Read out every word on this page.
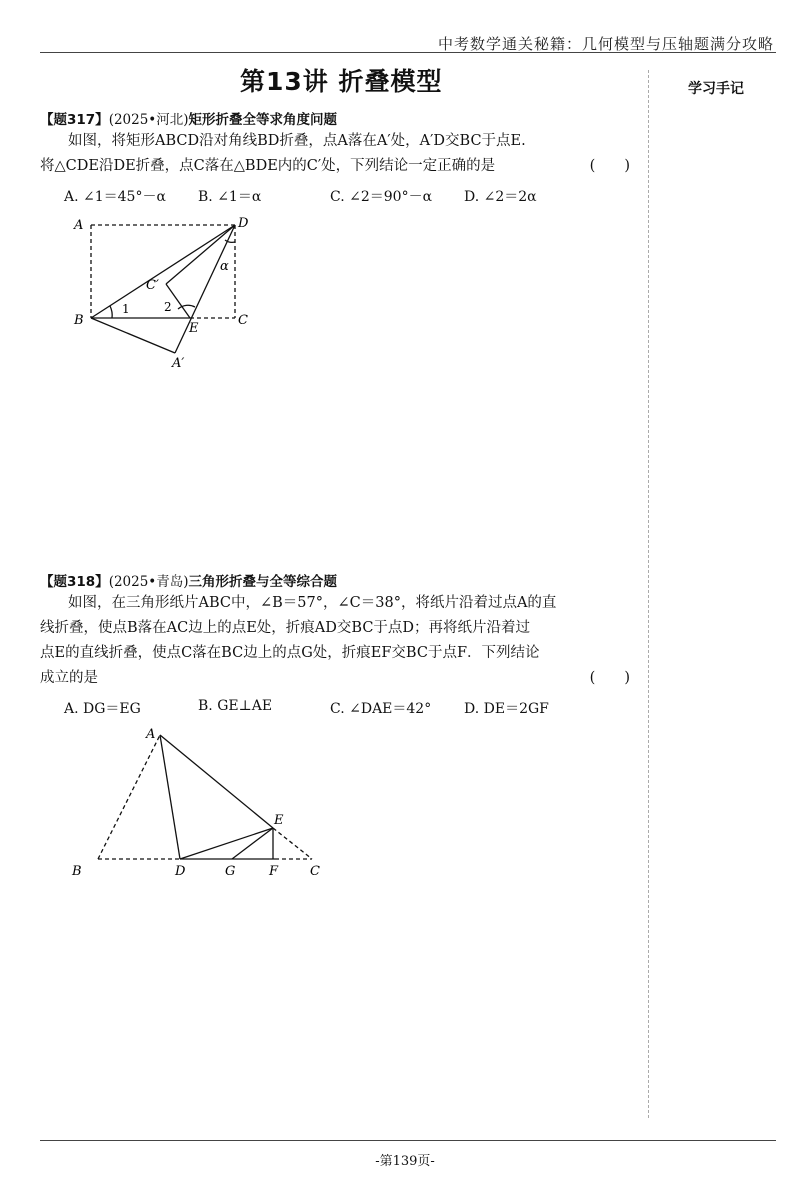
中考数学通关秘籍：几何模型与压轴题满分攻略
学习手记
第13讲 折叠模型
【题317】(2025•河北)矩形折叠全等求角度问题
如图，将矩形ABCD沿对角线BD折叠，点A落在A′处，A′D交BC于点E.
将△CDE沿DE折叠，点C落在△BDE内的C′处，下列结论一定正确的是	(　　)
A. ∠1＝45°－α B. ∠1＝α	C. ∠2＝90°－α D. ∠2＝2α
A	D
B	C
E
C′
A′
1	2
α
【题318】(2025•青岛)三角形折叠与全等综合题
如图，在三角形纸片ABC中，∠B＝57°，∠C＝38°，将纸片沿着过点A的直
线折叠，使点B落在AC边上的点E处，折痕AD交BC于点D；再将纸片沿着过
点E的直线折叠，使点C落在BC边上的点G处，折痕EF交BC于点F．下列结论
成立的是	(　　)
A. DG＝EG	B. GE⊥AE	C. ∠DAE＝42° D. DE＝2GF
A
E
B	D	G	F C
-第139页-
